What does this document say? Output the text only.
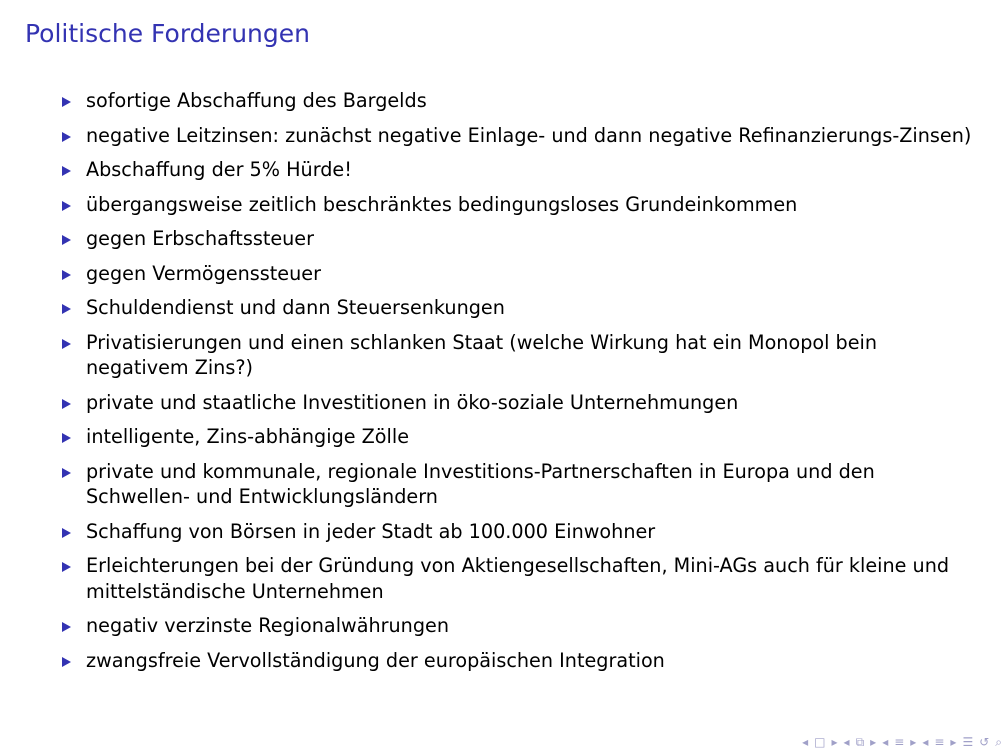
Politische Forderungen
sofortige Abschaffung des Bargelds
negative Leitzinsen: zunächst negative Einlage- und dann negative Refinanzierungs-Zinsen)
Abschaffung der 5% Hürde!
übergangsweise zeitlich beschränktes bedingungsloses Grundeinkommen
gegen Erbschaftssteuer
gegen Vermögenssteuer
Schuldendienst und dann Steuersenkungen
Privatisierungen und einen schlanken Staat (welche Wirkung hat ein Monopol bein negativem Zins?)
private und staatliche Investitionen in öko-soziale Unternehmungen
intelligente, Zins-abhängige Zölle
private und kommunale, regionale Investitions-Partnerschaften in Europa und den Schwellen- und Entwicklungsländern
Schaffung von Börsen in jeder Stadt ab 100.000 Einwohner
Erleichterungen bei der Gründung von Aktiengesellschaften, Mini-AGs auch für kleine und mittelständische Unternehmen
negativ verzinste Regionalwährungen
zwangsfreie Vervollständigung der europäischen Integration
◂ □ ▸ ◂ ⧉ ▸ ◂ ≡ ▸ ◂ ≡ ▸ ☰ ↺ ⌕
